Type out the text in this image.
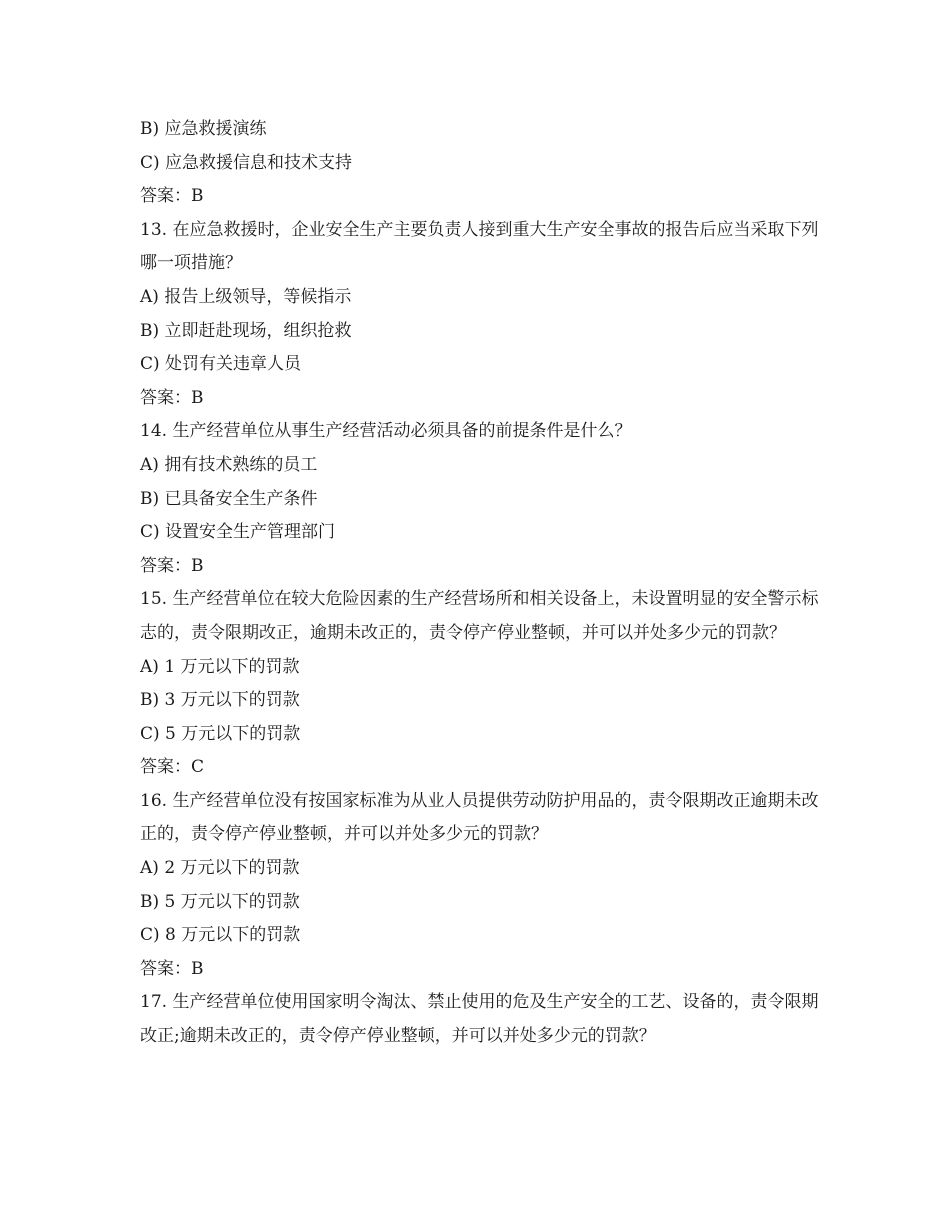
B) 应急救援演练
C) 应急救援信息和技术支持
答案：B
13. 在应急救援时，企业安全生产主要负责人接到重大生产安全事故的报告后应当采取下列哪一项措施？
A) 报告上级领导，等候指示
B) 立即赶赴现场，组织抢救
C) 处罚有关违章人员
答案：B
14. 生产经营单位从事生产经营活动必须具备的前提条件是什么？
A) 拥有技术熟练的员工
B) 已具备安全生产条件
C) 设置安全生产管理部门
答案：B
15. 生产经营单位在较大危险因素的生产经营场所和相关设备上，未设置明显的安全警示标志的，责令限期改正，逾期未改正的，责令停产停业整顿，并可以并处多少元的罚款？
A) 1 万元以下的罚款
B) 3 万元以下的罚款
C) 5 万元以下的罚款
答案：C
16. 生产经营单位没有按国家标准为从业人员提供劳动防护用品的，责令限期改正逾期未改正的，责令停产停业整顿，并可以并处多少元的罚款？
A) 2 万元以下的罚款
B) 5 万元以下的罚款
C) 8 万元以下的罚款
答案：B
17. 生产经营单位使用国家明令淘汰、禁止使用的危及生产安全的工艺、设备的，责令限期改正;逾期未改正的，责令停产停业整顿，并可以并处多少元的罚款？
